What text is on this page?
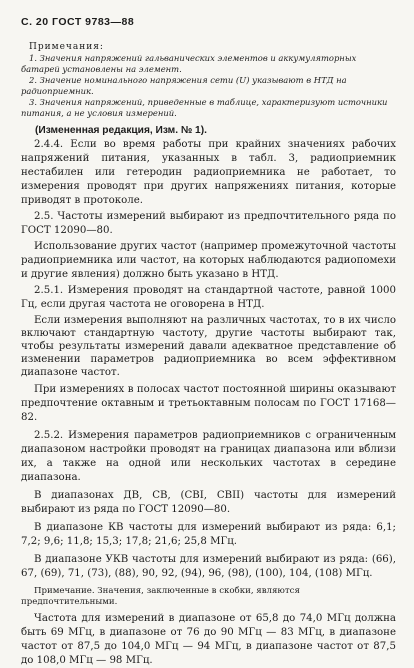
С. 20 ГОСТ 9783—88
Примечания:

1. Значения напряжений гальванических элементов и аккумуляторных батарей установлены на элемент.

2. Значение номинального напряжения сети (U) указывают в НТД на радиоприемник.

3. Значения напряжений, приведенные в таблице, характеризуют источники питания, а не условия измерений.

(Измененная редакция, Изм. № 1).

2.4.4. Если во время работы при крайних значениях рабочих напряжений питания, указанных в табл. 3, радиоприемник нестабилен или гетеродин радиоприемника не работает, то измерения проводят при других напряжениях питания, которые приводят в протоколе.

2.5. Частоты измерений выбирают из предпочтительного ряда по ГОСТ 12090—80.

Использование других частот (например промежуточной частоты радиоприемника или частот, на которых наблюдаются радиопомехи и другие явления) должно быть указано в НТД.

2.5.1. Измерения проводят на стандартной частоте, равной 1000 Гц, если другая частота не оговорена в НТД.

Если измерения выполняют на различных частотах, то в их число включают стандартную частоту, другие частоты выбирают так, чтобы результаты измерений давали адекватное представление об изменении параметров радиоприемника во всем эффективном диапазоне частот.

При измерениях в полосах частот постоянной ширины оказывают предпочтение октавным и третьоктавным полосам по ГОСТ 17168—82.

2.5.2. Измерения параметров радиоприемников с ограниченным диапазоном настройки проводят на границах диапазона или вблизи их, а также на одной или нескольких частотах в середине диапазона.

В диапазонах ДВ, СВ, (СВI, СВII) частоты для измерений выбирают из ряда по ГОСТ 12090—80.

В диапазоне КВ частоты для измерений выбирают из ряда: 6,1; 7,2; 9,6; 11,8; 15,3; 17,8; 21,6; 25,8 МГц.

В диапазоне УКВ частоты для измерений выбирают из ряда: (66), 67, (69), 71, (73), (88), 90, 92, (94), 96, (98), (100), 104, (108) МГц.

Примечание. Значения, заключенные в скобки, являются предпочтительными.

Частота для измерений в диапазоне от 65,8 до 74,0 МГц должна быть 69 МГц, в диапазоне от 76 до 90 МГц — 83 МГц, в диапазоне частот от 87,5 до 104,0 МГц — 94 МГц, в диапазоне частот от 87,5 до 108,0 МГц — 98 МГц.
